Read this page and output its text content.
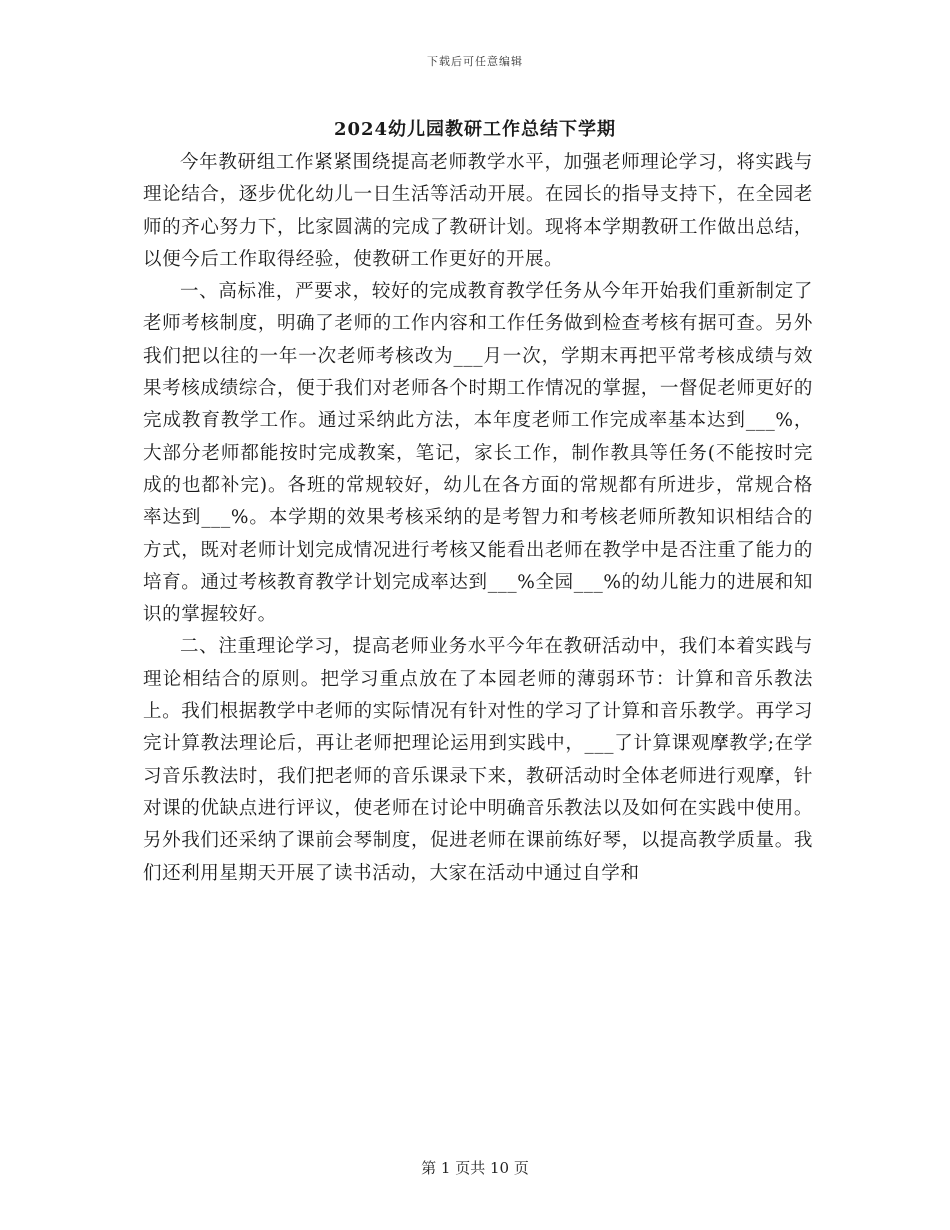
下载后可任意编辑
2024幼儿园教研工作总结下学期

今年教研组工作紧紧围绕提高老师教学水平，加强老师理论学习，将实践与理论结合，逐步优化幼儿一日生活等活动开展。在园长的指导支持下，在全园老师的齐心努力下，比家圆满的完成了教研计划。现将本学期教研工作做出总结，以便今后工作取得经验，使教研工作更好的开展。

一、高标准，严要求，较好的完成教育教学任务从今年开始我们重新制定了老师考核制度，明确了老师的工作内容和工作任务做到检查考核有据可查。另外我们把以往的一年一次老师考核改为___月一次，学期末再把平常考核成绩与效果考核成绩综合，便于我们对老师各个时期工作情况的掌握，一督促老师更好的完成教育教学工作。通过采纳此方法，本年度老师工作完成率基本达到___%，大部分老师都能按时完成教案，笔记，家长工作，制作教具等任务(不能按时完成的也都补完)。各班的常规较好，幼儿在各方面的常规都有所进步，常规合格率达到___%。本学期的效果考核采纳的是考智力和考核老师所教知识相结合的方式，既对老师计划完成情况进行考核又能看出老师在教学中是否注重了能力的培育。通过考核教育教学计划完成率达到___%全园___%的幼儿能力的进展和知识的掌握较好。

二、注重理论学习，提高老师业务水平今年在教研活动中，我们本着实践与理论相结合的原则。把学习重点放在了本园老师的薄弱环节：计算和音乐教法上。我们根据教学中老师的实际情况有针对性的学习了计算和音乐教学。再学习完计算教法理论后，再让老师把理论运用到实践中，___了计算课观摩教学;在学习音乐教法时，我们把老师的音乐课录下来，教研活动时全体老师进行观摩，针对课的优缺点进行评议，使老师在讨论中明确音乐教法以及如何在实践中使用。另外我们还采纳了课前会琴制度，促进老师在课前练好琴，以提高教学质量。我们还利用星期天开展了读书活动，大家在活动中通过自学和

第 1 页共 10 页
